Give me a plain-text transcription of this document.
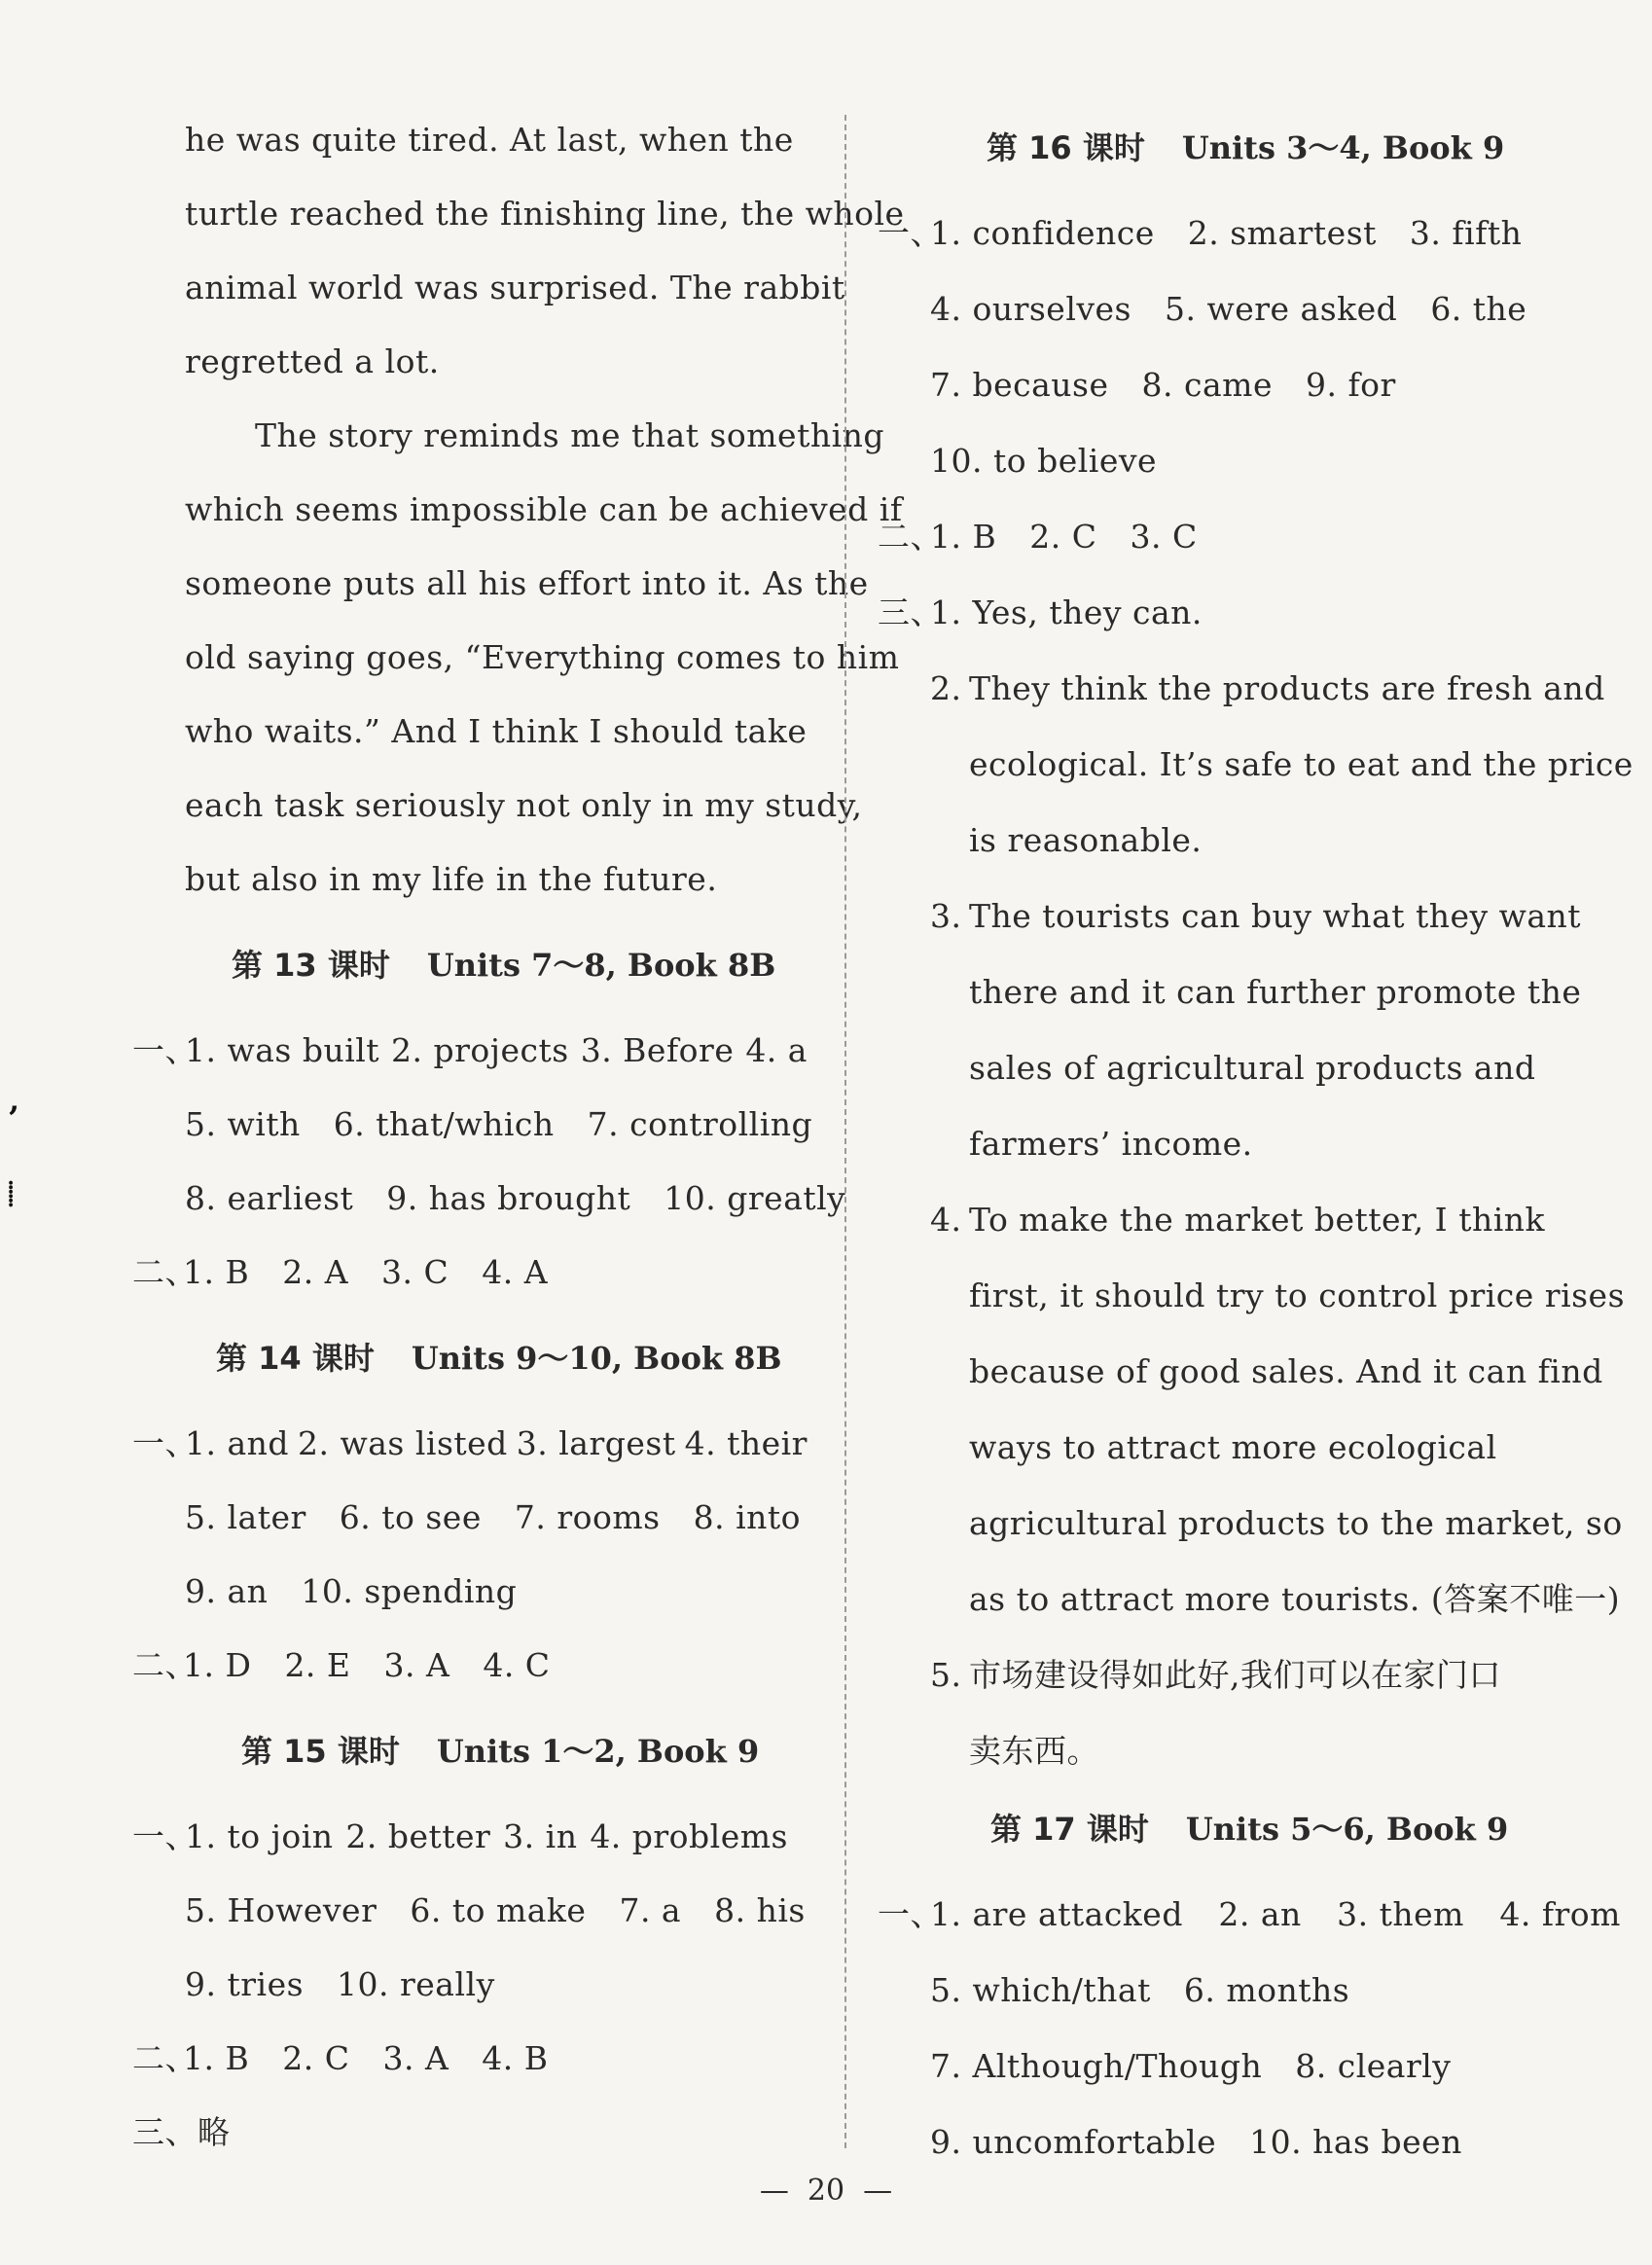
he was quite tired. At last, when the
turtle reached the finishing line, the whole
animal world was surprised. The rabbit
regretted a lot.
The story reminds me that something
which seems impossible can be achieved if
someone puts all his effort into it. As the
old saying goes, “Everything comes to him
who waits.” And I think I should take
each task seriously not only in my study,
but also in my life in the future.
第 13 课时 Units 7～8, Book 8B
一、
1. was built 2. projects 3. Before 4. a
5. with 6. that/which 7. controlling
8. earliest 9. has brought 10. greatly
二、
1. B 2. A 3. C 4. A
第 14 课时 Units 9～10, Book 8B
一、
1. and 2. was listed 3. largest 4. their
5. later 6. to see 7. rooms 8. into
9. an 10. spending
二、
1. D 2. E 3. A 4. C
第 15 课时 Units 1～2, Book 9
一、
1. to join 2. better 3. in 4. problems
5. However 6. to make 7. a 8. his
9. tries 10. really
二、
1. B 2. C 3. A 4. B
三、略
第 16 课时 Units 3～4, Book 9
一、
1. confidence 2. smartest 3. fifth
4. ourselves 5. were asked 6. the
7. because 8. came 9. for
10. to believe
二、
1. B 2. C 3. C
三、
1. Yes, they can.
2. They think the products are fresh and
ecological. It’s safe to eat and the price
is reasonable.
3. The tourists can buy what they want
there and it can further promote the
sales of agricultural products and
farmers’ income.
4. To make the market better, I think
first, it should try to control price rises
because of good sales. And it can find
ways to attract more ecological
agricultural products to the market, so
as to attract more tourists. (答案不唯一)
5. 市场建设得如此好,我们可以在家门口
卖东西。
第 17 课时 Units 5～6, Book 9
一、
1. are attacked 2. an 3. them 4. from
5. which/that 6. months
7. Although/Though 8. clearly
9. uncomfortable 10. has been
’
⸽
—  20  —
